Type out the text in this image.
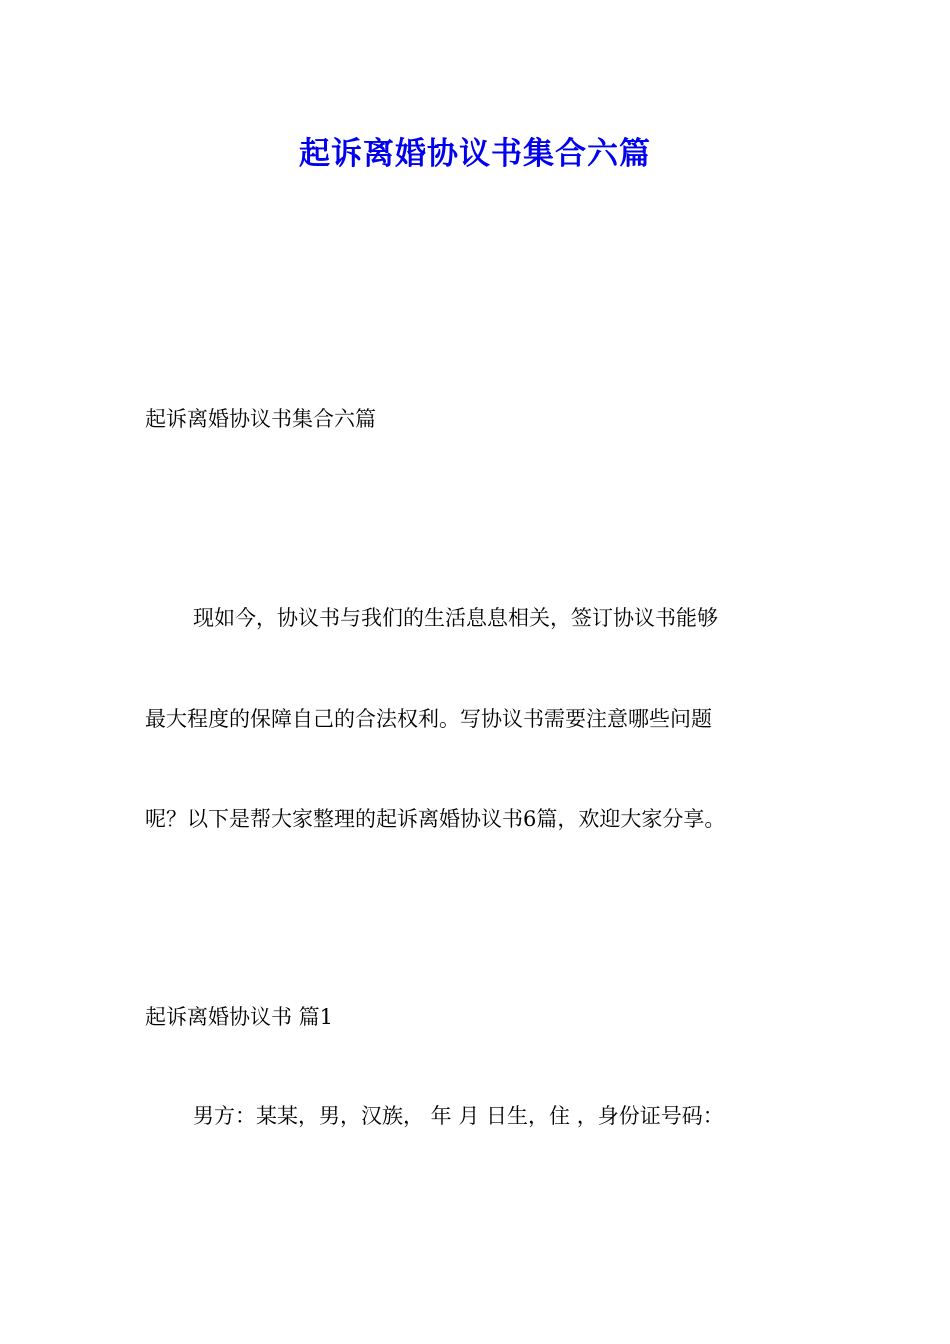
起诉离婚协议书集合六篇

起诉离婚协议书集合六篇

现如今，协议书与我们的生活息息相关，签订协议书能够

最大程度的保障自己的合法权利。写协议书需要注意哪些问题

呢？以下是帮大家整理的起诉离婚协议书6篇，欢迎大家分享。

起诉离婚协议书 篇1

男方：某某，男，汉族， 年 月 日生，住 ，身份证号码：
